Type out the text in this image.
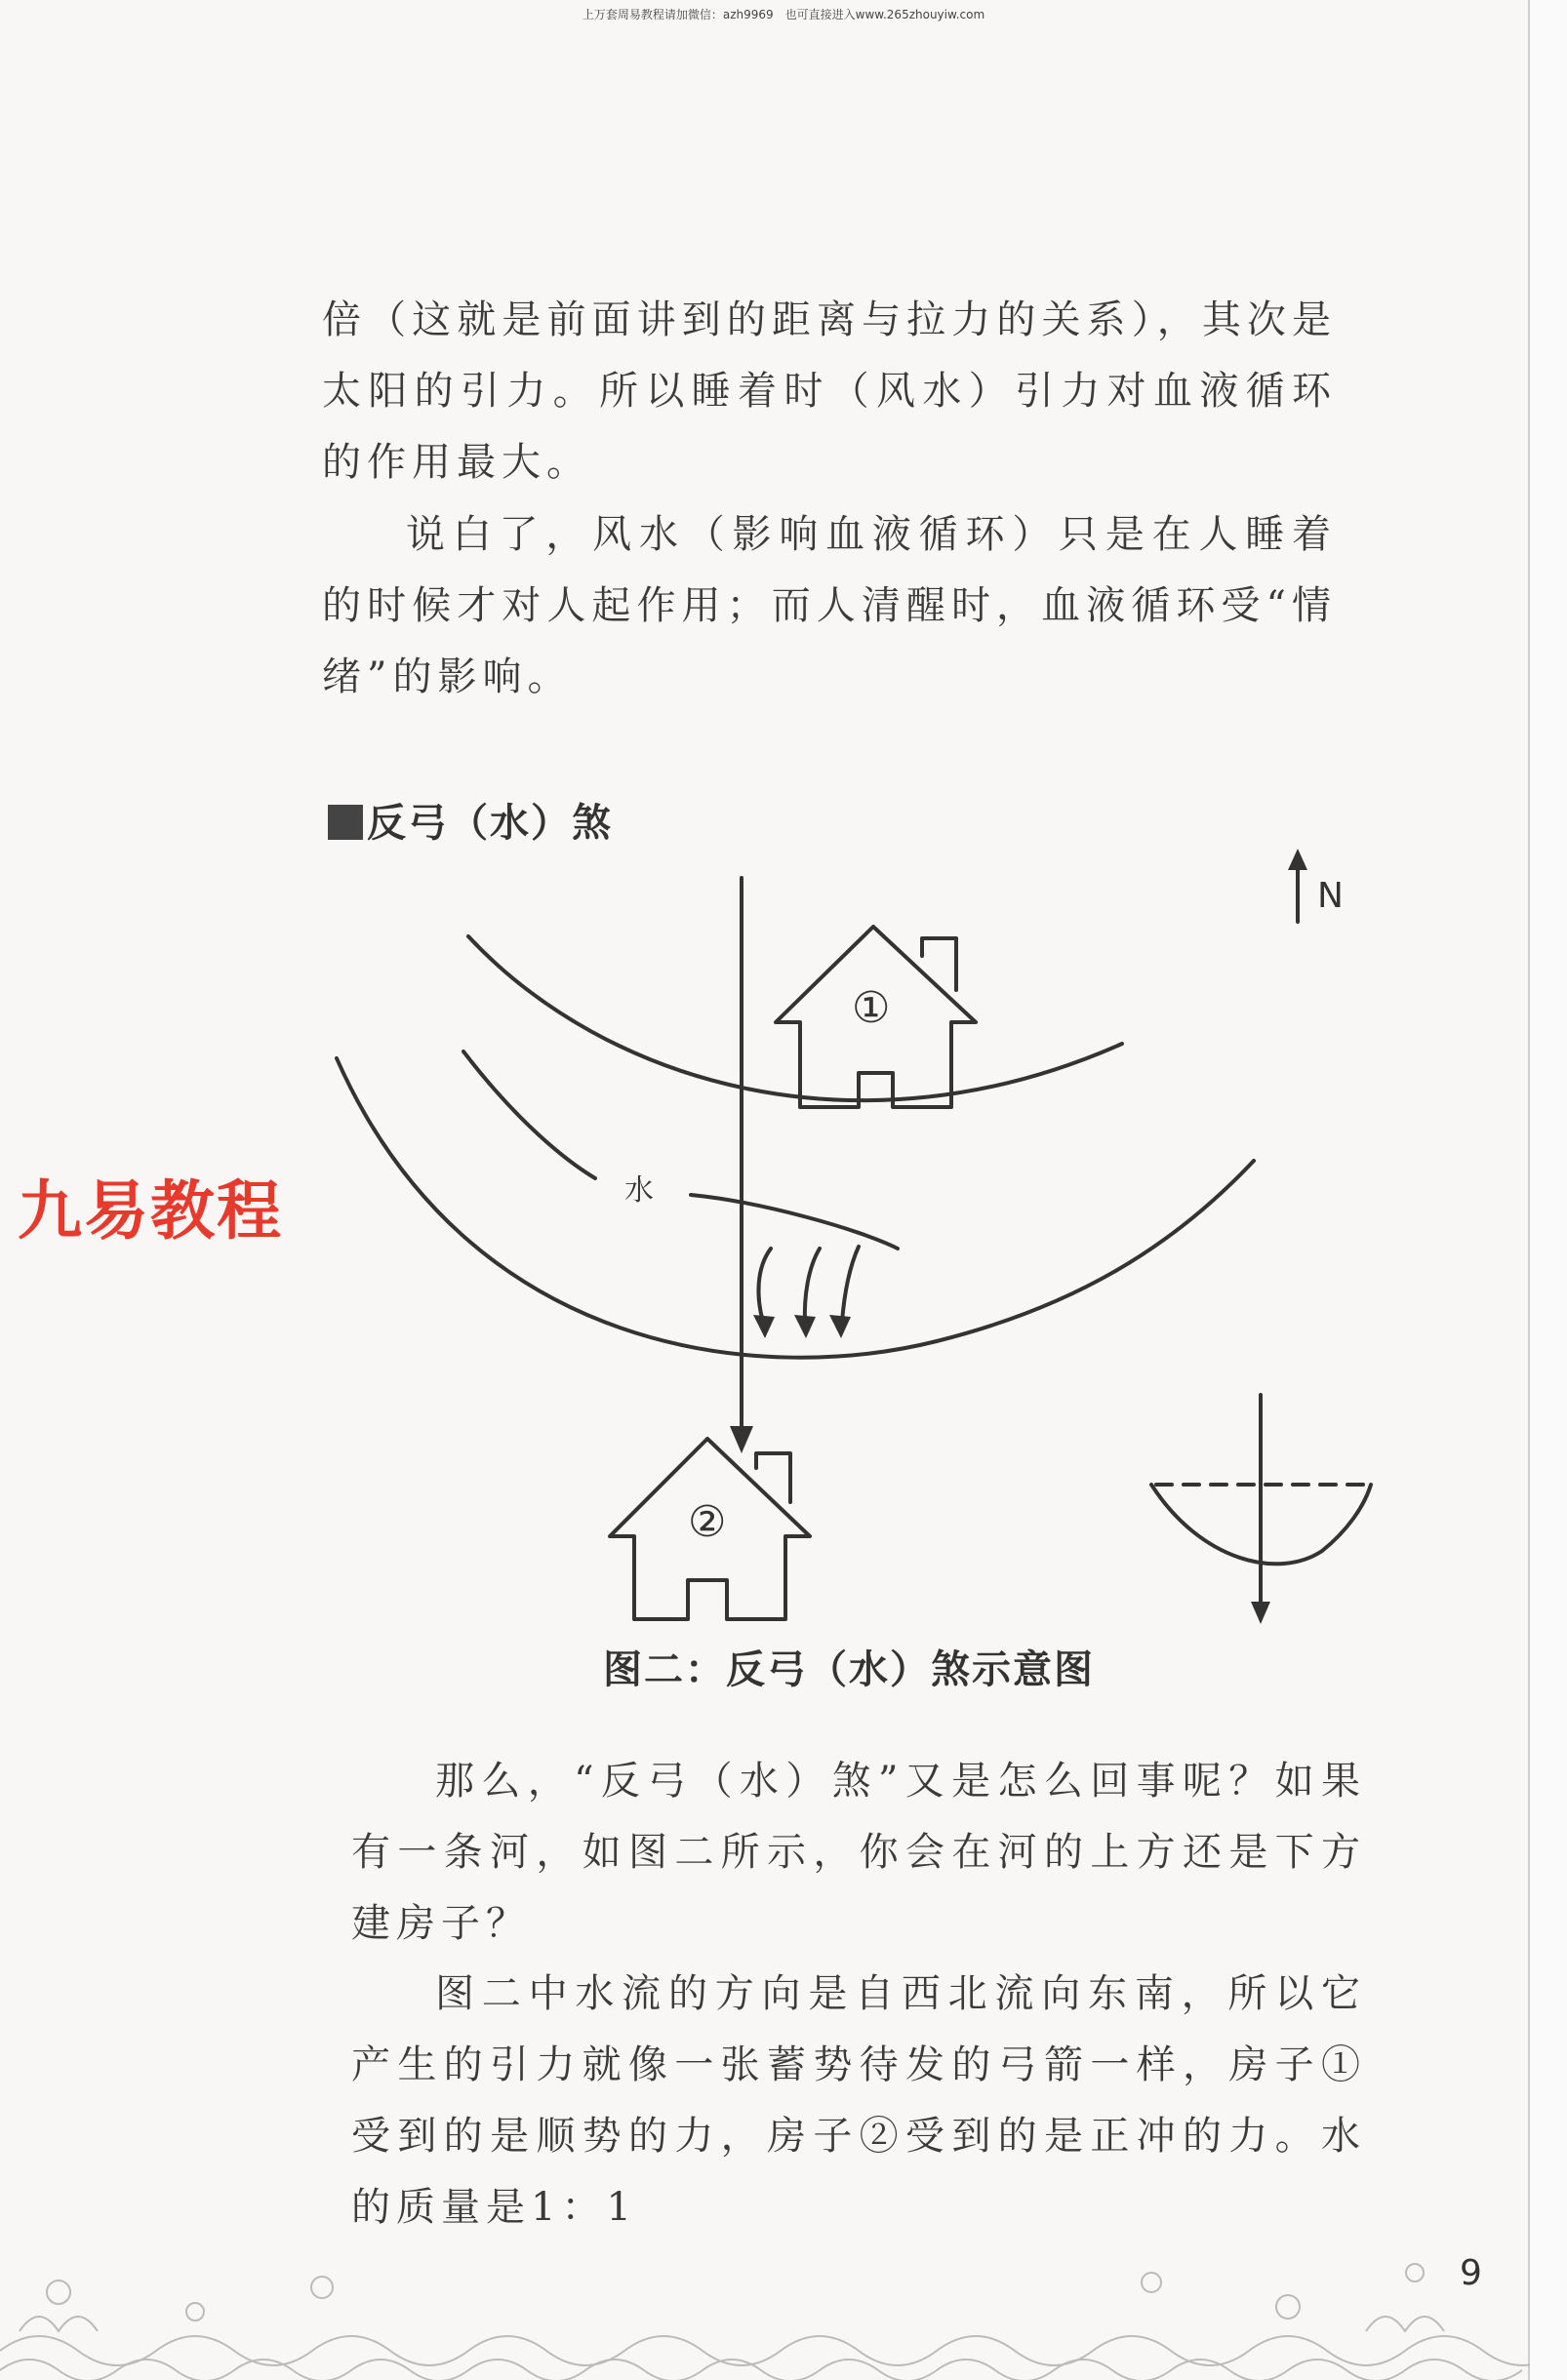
上万套周易教程请加微信：azh9969　也可直接进入www.265zhouyiw.com

倍（这就是前面讲到的距离与拉力的关系），其次是太阳的引力。所以睡着时（风水）引力对血液循环的作用最大。

说白了，风水（影响血液循环）只是在人睡着的时候才对人起作用；而人清醒时，血液循环受“情绪”的影响。

反弓（水）煞
九易教程
N
水
①
②

图二：反弓（水）煞示意图

那么，“反弓（水）煞”又是怎么回事呢？如果有一条河，如图二所示，你会在河的上方还是下方建房子？

图二中水流的方向是自西北流向东南，所以它产生的引力就像一张蓄势待发的弓箭一样，房子①受到的是顺势的力，房子②受到的是正冲的力。水的质量是1：1

9
